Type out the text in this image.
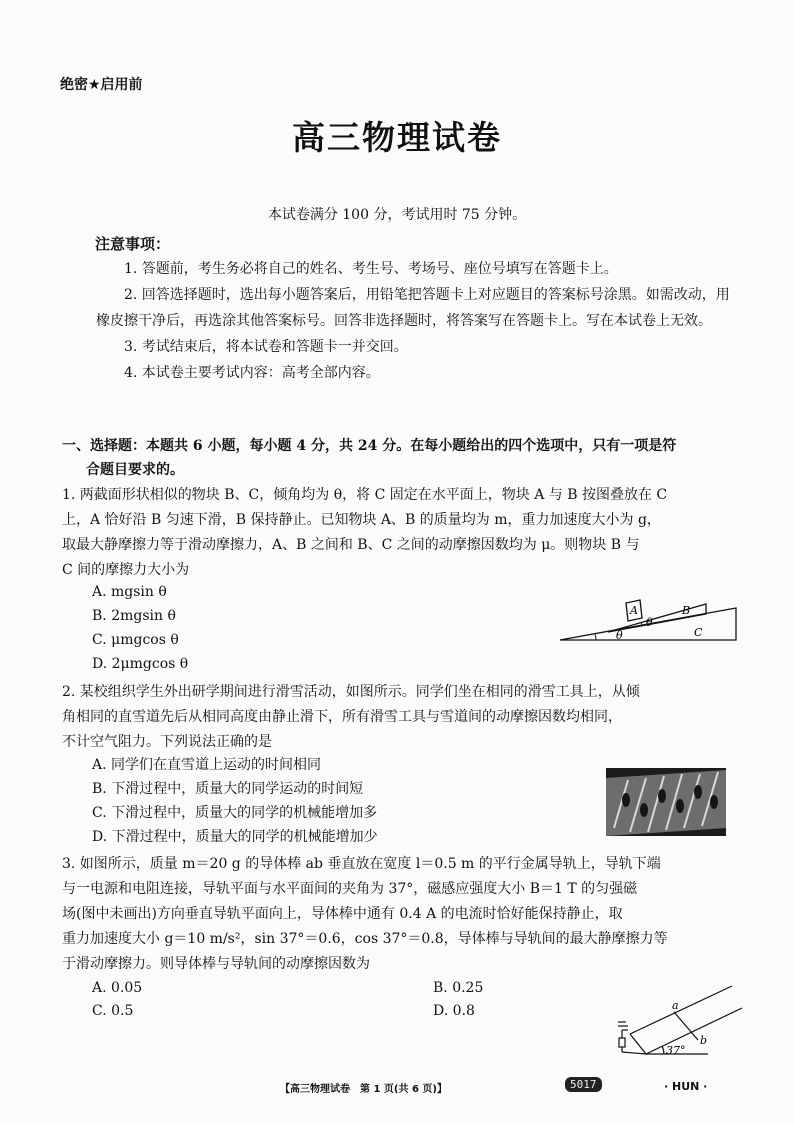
绝密★启用前
高三物理试卷
本试卷满分 100 分，考试用时 75 分钟。
注意事项：

1. 答题前，考生务必将自己的姓名、考生号、考场号、座位号填写在答题卡上。

2. 回答选择题时，选出每小题答案后，用铅笔把答题卡上对应题目的答案标号涂黑。如需改动，用橡皮擦干净后，再选涂其他答案标号。回答非选择题时，将答案写在答题卡上。写在本试卷上无效。

3. 考试结束后，将本试卷和答题卡一并交回。

4. 本试卷主要考试内容：高考全部内容。

一、选择题：本题共 6 小题，每小题 4 分，共 24 分。在每小题给出的四个选项中，只有一项是符
合题目要求的。
1. 两截面形状相似的物块 B、C，倾角均为 θ，将 C 固定在水平面上，物块 A 与 B 按图叠放在 C
上，A 恰好沿 B 匀速下滑，B 保持静止。已知物块 A、B 的质量均为 m，重力加速度大小为 g，
取最大静摩擦力等于滑动摩擦力，A、B 之间和 B、C 之间的动摩擦因数均为 μ。则物块 B 与
C 间的摩擦力大小为
A. mgsin θ
B. 2mgsin θ
C. μmgcos θ
D. 2μmgcos θ
A	B
C
θ
θ
2. 某校组织学生外出研学期间进行滑雪活动，如图所示。同学们坐在相同的滑雪工具上，从倾
角相同的直雪道先后从相同高度由静止滑下，所有滑雪工具与雪道间的动摩擦因数均相同，
不计空气阻力。下列说法正确的是
A. 同学们在直雪道上运动的时间相同
B. 下滑过程中，质量大的同学运动的时间短
C. 下滑过程中，质量大的同学的机械能增加多
D. 下滑过程中，质量大的同学的机械能增加少
3. 如图所示，质量 m＝20 g 的导体棒 ab 垂直放在宽度 l＝0.5 m 的平行金属导轨上，导轨下端
与一电源和电阻连接，导轨平面与水平面间的夹角为 37°，磁感应强度大小 B＝1 T 的匀强磁
场(图中未画出)方向垂直导轨平面向上，导体棒中通有 0.4 A 的电流时恰好能保持静止，取
重力加速度大小 g＝10 m/s²，sin 37°＝0.6，cos 37°＝0.8，导体棒与导轨间的最大静摩擦力等
于滑动摩擦力。则导体棒与导轨间的动摩擦因数为
A. 0.05	B. 0.25
C. 0.5	D. 0.8	a
b
37°
【高三物理试卷　第 1 页(共 6 页)】	5017	· HUN ·
